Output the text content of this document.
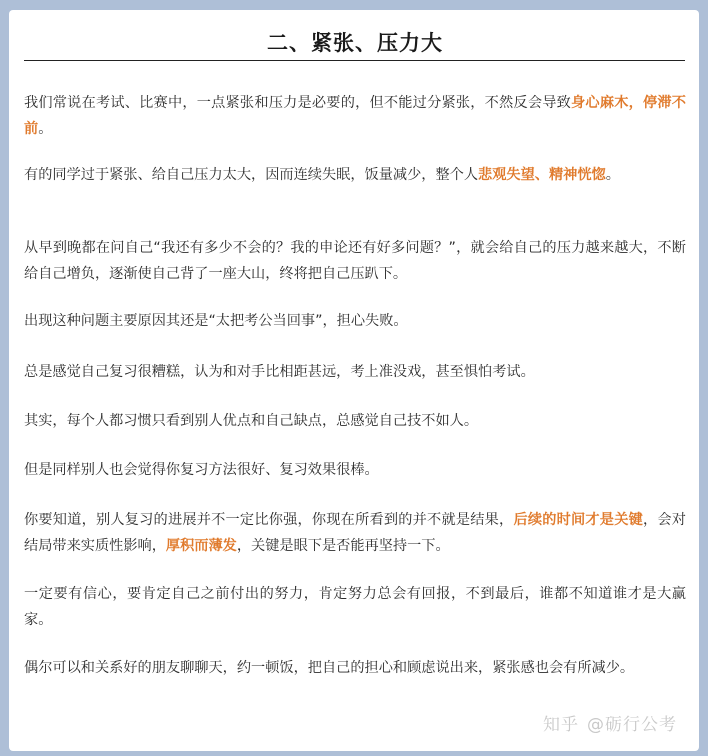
二、紧张、压力大

我们常说在考试、比赛中，一点紧张和压力是必要的，但不能过分紧张，不然反会导致身心麻木，停滞不前。

有的同学过于紧张、给自己压力太大，因而连续失眠，饭量减少，整个人悲观失望、精神恍惚。

从早到晚都在问自己“我还有多少不会的？我的申论还有好多问题？”，就会给自己的压力越来越大，不断给自己增负，逐渐使自己背了一座大山，终将把自己压趴下。

出现这种问题主要原因其还是“太把考公当回事”，担心失败。

总是感觉自己复习很糟糕，认为和对手比相距甚远，考上准没戏，甚至惧怕考试。

其实，每个人都习惯只看到别人优点和自己缺点，总感觉自己技不如人。

但是同样别人也会觉得你复习方法很好、复习效果很棒。

你要知道，别人复习的进展并不一定比你强，你现在所看到的并不就是结果，后续的时间才是关键，会对结局带来实质性影响，厚积而薄发，关键是眼下是否能再坚持一下。

一定要有信心，要肯定自己之前付出的努力，肯定努力总会有回报，不到最后，谁都不知道谁才是大赢家。

偶尔可以和关系好的朋友聊聊天，约一顿饭，把自己的担心和顾虑说出来，紧张感也会有所减少。

知乎 @砺行公考
